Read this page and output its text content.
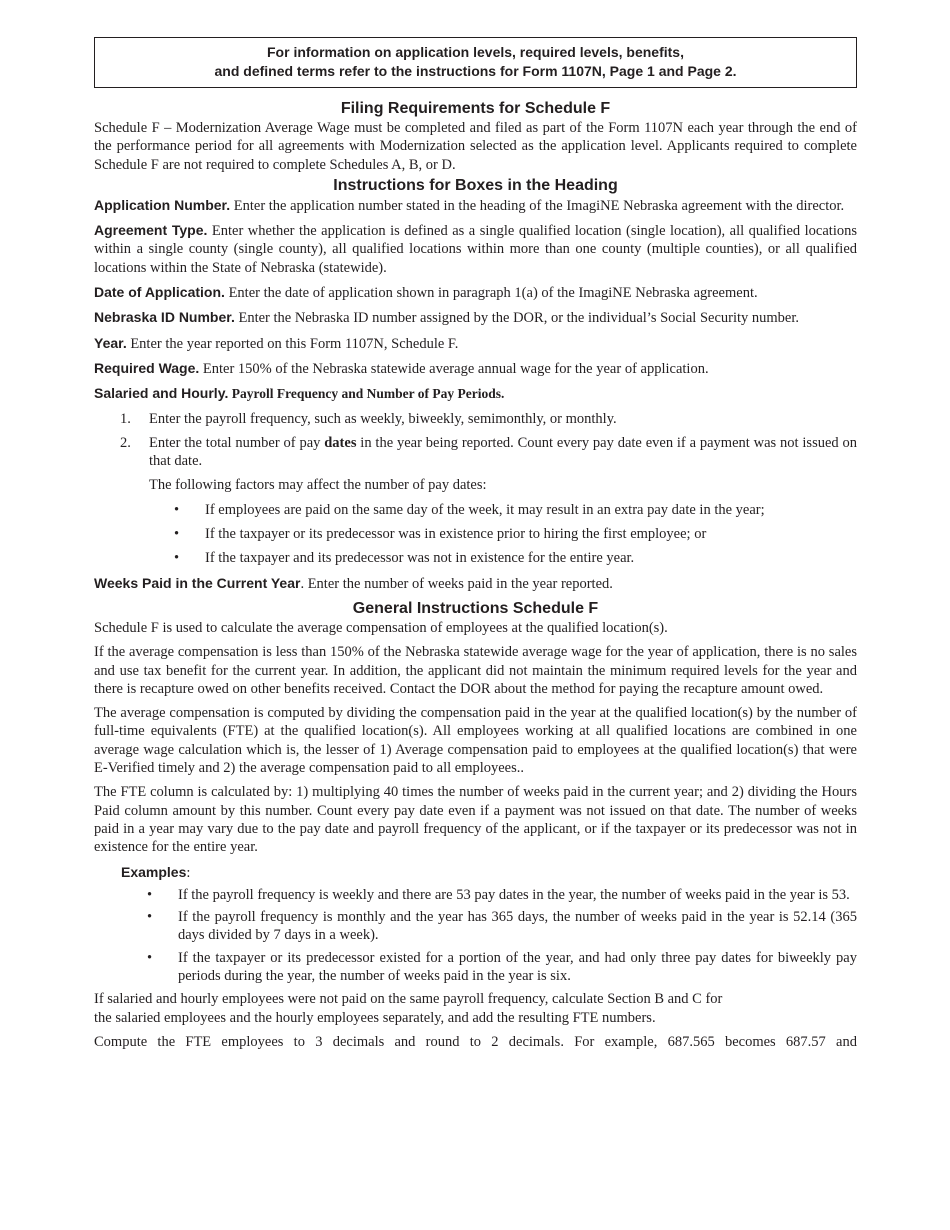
For information on application levels, required levels, benefits,
and defined terms refer to the instructions for Form 1107N, Page 1 and Page 2.
Filing Requirements for Schedule F

Schedule F – Modernization Average Wage must be completed and filed as part of the Form 1107N each year through the end of the performance period for all agreements with Modernization selected as the application level. Applicants required to complete Schedule F are not required to complete Schedules A, B, or D.

Instructions for Boxes in the Heading

Application Number. Enter the application number stated in the heading of the ImagiNE Nebraska agreement with the director.

Agreement Type. Enter whether the application is defined as a single qualified location (single location), all qualified locations within a single county (single county), all qualified locations within more than one county (multiple counties), or all qualified locations within the State of Nebraska (statewide).

Date of Application. Enter the date of application shown in paragraph 1(a) of the ImagiNE Nebraska agreement.

Nebraska ID Number. Enter the Nebraska ID number assigned by the DOR, or the individual’s Social Security number.

Year. Enter the year reported on this Form 1107N, Schedule F.

Required Wage. Enter 150% of the Nebraska statewide average annual wage for the year of application.

Salaried and Hourly. Payroll Frequency and Number of Pay Periods.

1.	Enter the payroll frequency, such as weekly, biweekly, semimonthly, or monthly.
2.	Enter the total number of pay dates in the year being reported. Count every pay date even if a payment was not issued on that date.

The following factors may affect the number of pay dates:

•	If employees are paid on the same day of the week, it may result in an extra pay date in the year;
•	If the taxpayer or its predecessor was in existence prior to hiring the first employee; or
•	If the taxpayer and its predecessor was not in existence for the entire year.

Weeks Paid in the Current Year. Enter the number of weeks paid in the year reported.

General Instructions Schedule F

Schedule F is used to calculate the average compensation of employees at the qualified location(s).

If the average compensation is less than 150% of the Nebraska statewide average wage for the year of application, there is no sales and use tax benefit for the current year. In addition, the applicant did not maintain the minimum required levels for the year and there is recapture owed on other benefits received. Contact the DOR about the method for paying the recapture amount owed.

The average compensation is computed by dividing the compensation paid in the year at the qualified location(s) by the number of full-time equivalents (FTE) at the qualified location(s). All employees working at all qualified locations are combined in one average wage calculation which is, the lesser of 1) Average compensation paid to employees at the qualified location(s) that were E-Verified timely and 2) the average compensation paid to all employees..

The FTE column is calculated by: 1) multiplying 40 times the number of weeks paid in the current year; and 2) dividing the Hours Paid column amount by this number. Count every pay date even if a payment was not issued on that date. The number of weeks paid in a year may vary due to the pay date and payroll frequency of the applicant, or if the taxpayer or its predecessor was not in existence for the entire year.

Examples:

•	If the payroll frequency is weekly and there are 53 pay dates in the year, the number of weeks paid in the year is 53.
•	If the payroll frequency is monthly and the year has 365 days, the number of weeks paid in the year is 52.14 (365 days divided by 7 days in a week).
•	If the taxpayer or its predecessor existed for a portion of the year, and had only three pay dates for biweekly pay periods during the year, the number of weeks paid in the year is six.

If salaried and hourly employees were not paid on the same payroll frequency, calculate Section B and C for
the salaried employees and the hourly employees separately, and add the resulting FTE numbers.

Compute the FTE employees to 3 decimals and round to 2 decimals. For example, 687.565 becomes 687.57 and
